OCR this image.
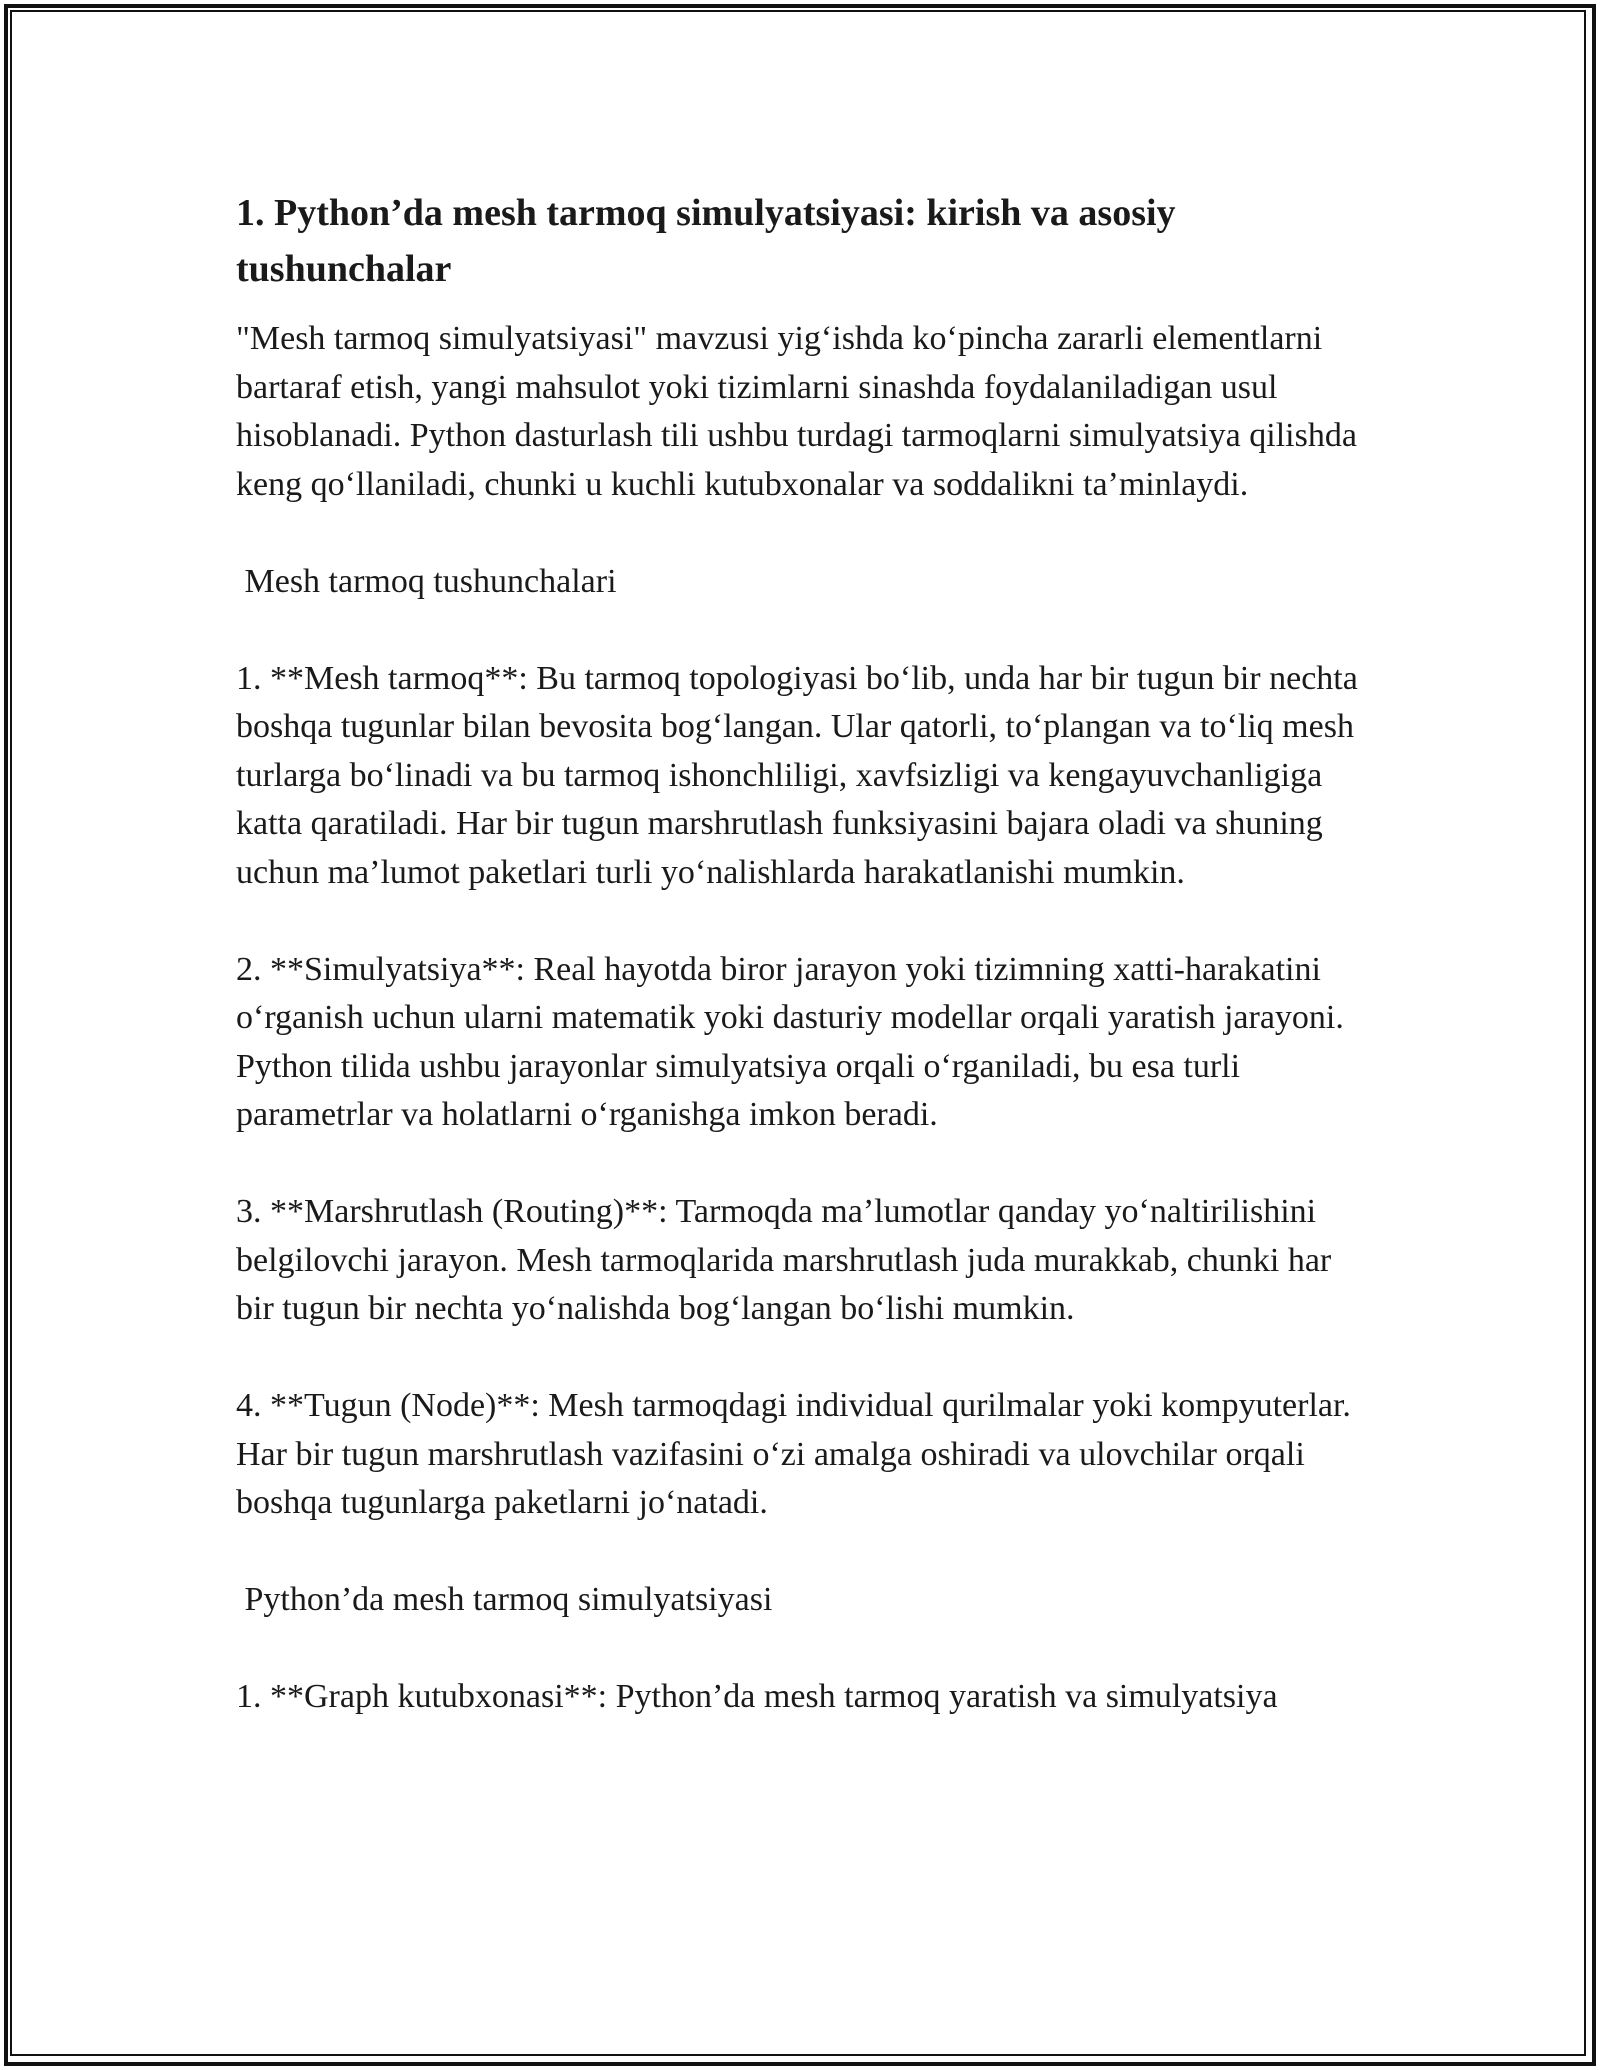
1. Python’da mesh tarmoq simulyatsiyasi: kirish va asosiy tushunchalar

"Mesh tarmoq simulyatsiyasi" mavzusi yig‘ishda ko‘pincha zararli elementlarni bartaraf etish, yangi mahsulot yoki tizimlarni sinashda foydalaniladigan usul hisoblanadi. Python dasturlash tili ushbu turdagi tarmoqlarni simulyatsiya qilishda keng qo‘llaniladi, chunki u kuchli kutubxonalar va soddalikni ta’minlaydi.

Mesh tarmoq tushunchalari

1. **Mesh tarmoq**: Bu tarmoq topologiyasi bo‘lib, unda har bir tugun bir nechta boshqa tugunlar bilan bevosita bog‘langan. Ular qatorli, to‘plangan va to‘liq mesh turlarga bo‘linadi va bu tarmoq ishonchliligi, xavfsizligi va kengayuvchanligiga katta qaratiladi. Har bir tugun marshrutlash funksiyasini bajara oladi va shuning uchun ma’lumot paketlari turli yo‘nalishlarda harakatlanishi mumkin.

2. **Simulyatsiya**: Real hayotda biror jarayon yoki tizimning xatti-harakatini o‘rganish uchun ularni matematik yoki dasturiy modellar orqali yaratish jarayoni. Python tilida ushbu jarayonlar simulyatsiya orqali o‘rganiladi, bu esa turli parametrlar va holatlarni o‘rganishga imkon beradi.

3. **Marshrutlash (Routing)**: Tarmoqda ma’lumotlar qanday yo‘naltirilishini belgilovchi jarayon. Mesh tarmoqlarida marshrutlash juda murakkab, chunki har bir tugun bir nechta yo‘nalishda bog‘langan bo‘lishi mumkin.

4. **Tugun (Node)**: Mesh tarmoqdagi individual qurilmalar yoki kompyuterlar. Har bir tugun marshrutlash vazifasini o‘zi amalga oshiradi va ulovchilar orqali boshqa tugunlarga paketlarni jo‘natadi.

Python’da mesh tarmoq simulyatsiyasi

1. **Graph kutubxonasi**: Python’da mesh tarmoq yaratish va simulyatsiya
